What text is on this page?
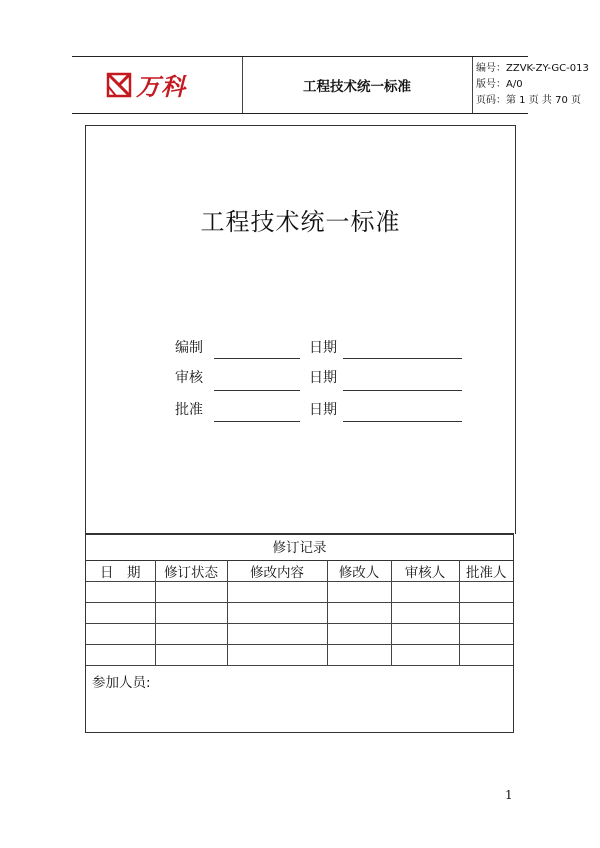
万科	工程技术统一标准
编号：ZZVK-ZY-GC-013
版号：A/0
页码：第 1 页 共 70 页
工程技术统一标准
编制	日期
审核	日期
批准	日期
修订记录
日　期	修订状态	修改内容	修改人	审核人	批准人

参加人员:
1
